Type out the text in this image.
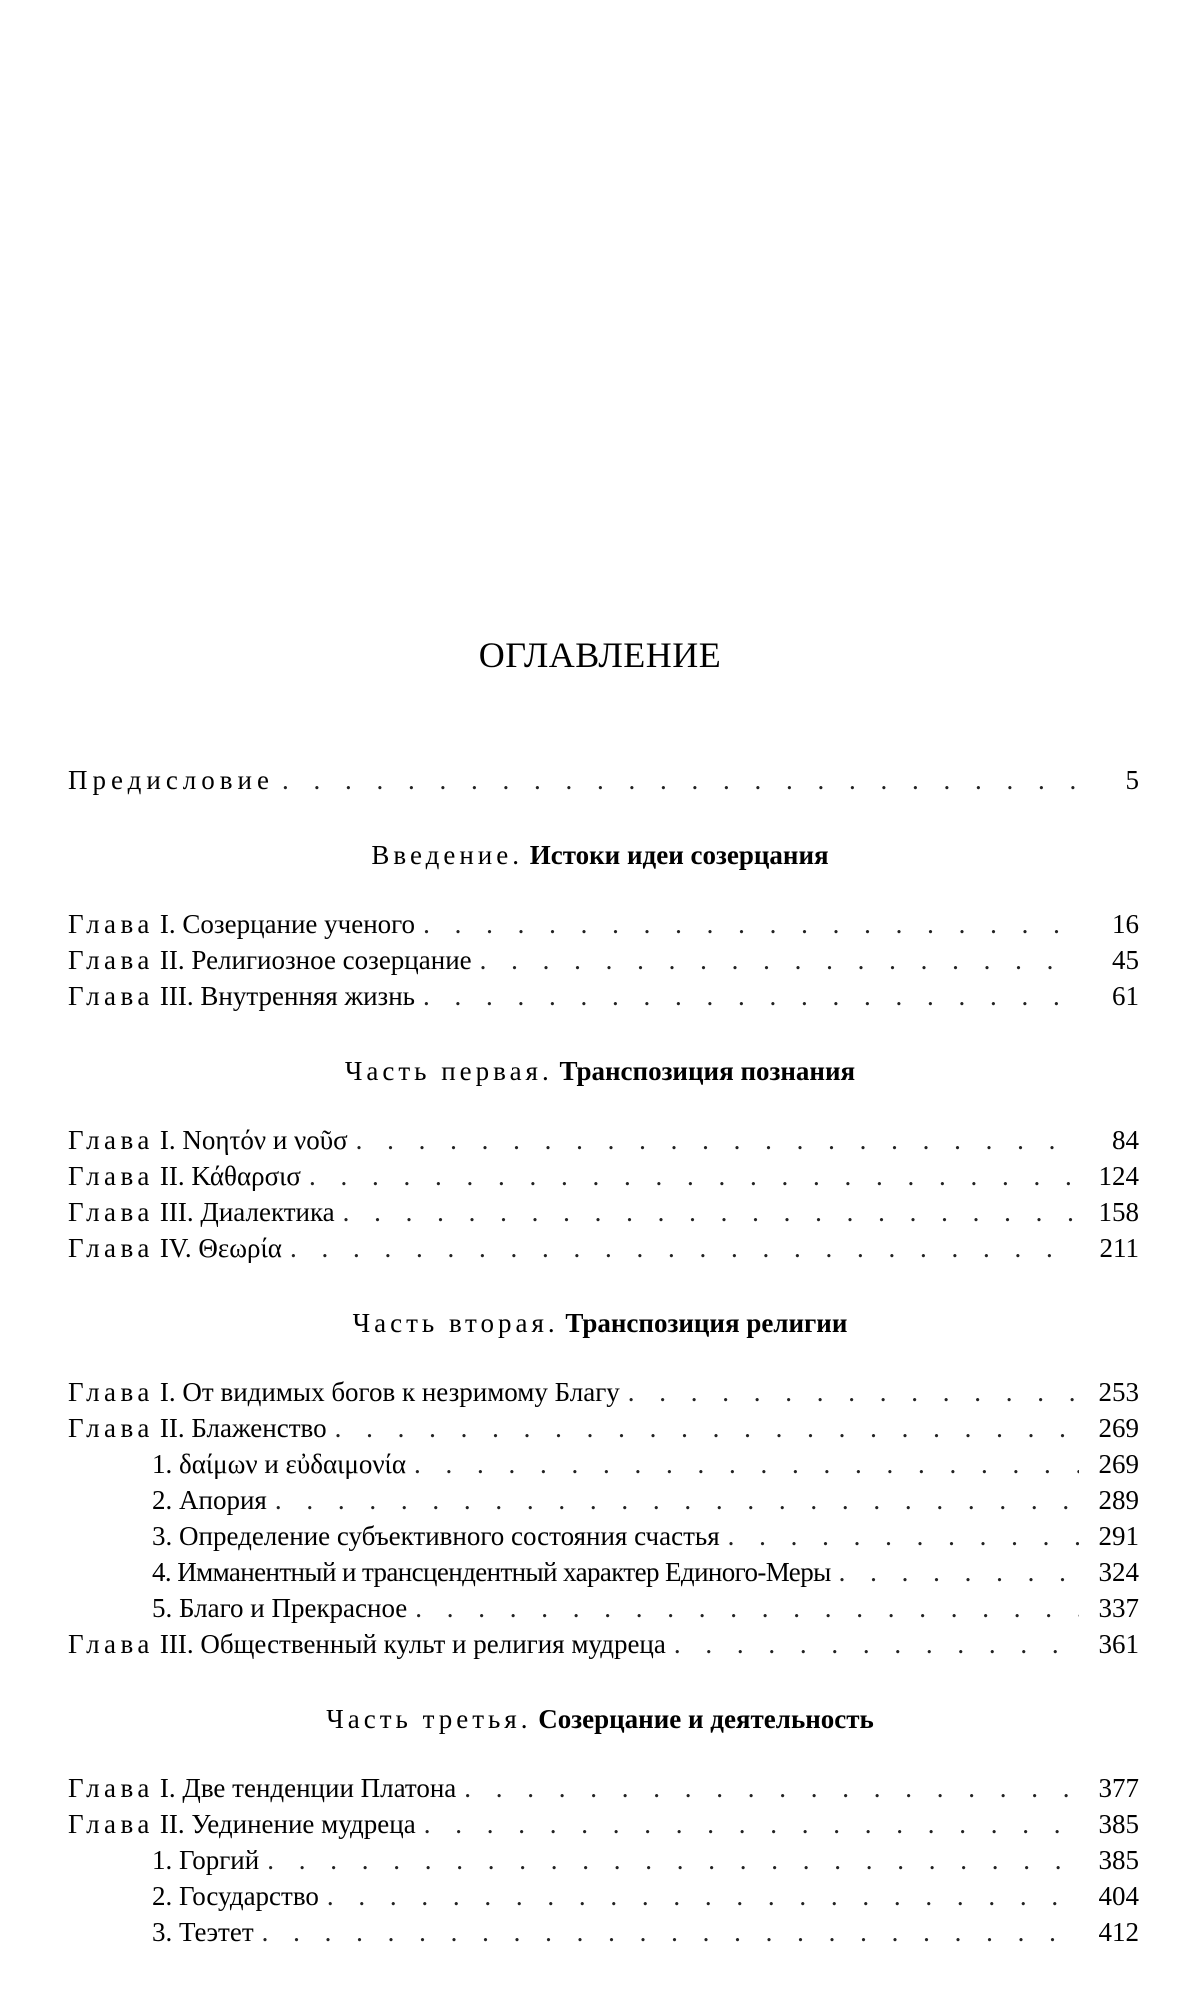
ОГЛАВЛЕНИЕ
Предисловие . . .	5
Введение. Истоки идеи созерцания
Глава I. Созерцание ученого . . .	16
Глава II. Религиозное созерцание . . .	45
Глава III. Внутренняя жизнь . . .	61
Часть первая. Транспозиция познания
Глава I. Νοητόν и νοῦσ . . .	84
Глава II. Κάθαρσισ . . .	124
Глава III. Диалектика . . .	158
Глава IV. Θεωρία . . .	211
Часть вторая. Транспозиция религии
Глава I. От видимых богов к незримому Благу . . .	253
Глава II. Блаженство . . .	269
1. δαίμων и εὐδαιμονία . . .	269
2. Апория . . .	289
3. Определение субъективного состояния счастья . . .	291
4. Имманентный и трансцендентный характер Единого-Меры . . .	324
5. Благо и Прекрасное . . .	337
Глава III. Общественный культ и религия мудреца . . .	361
Часть третья. Созерцание и деятельность
Глава I. Две тенденции Платона . . .	377
Глава II. Уединение мудреца . . .	385
1. Горгий . . .	385
2. Государство . . .	404
3. Теэтет . . .	412
